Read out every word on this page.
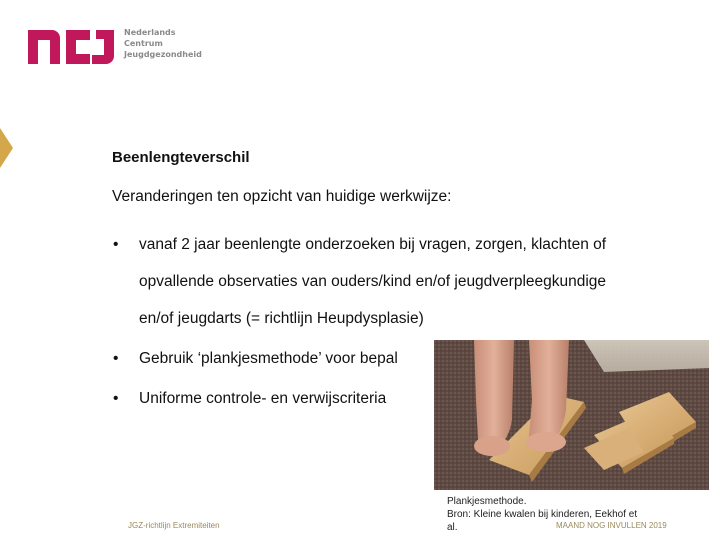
Nederlands
Centrum
Jeugdgezondheid
Beenlengteverschil
Veranderingen ten opzicht van huidige werkwijze:
• vanaf 2 jaar beenlengte onderzoeken bij vragen, zorgen, klachten of
opvallende observaties van ouders/kind en/of jeugdverpleegkundige
en/of jeugdarts (= richtlijn Heupdysplasie)
• Gebruik ‘plankjesmethode’ voor bepal
• Uniforme controle- en verwijscriteria
Plankjesmethode.
Bron: Kleine kwalen bij kinderen, Eekhof et
al.
JGZ-richtlijn Extremiteiten	MAAND NOG INVULLEN 2019
